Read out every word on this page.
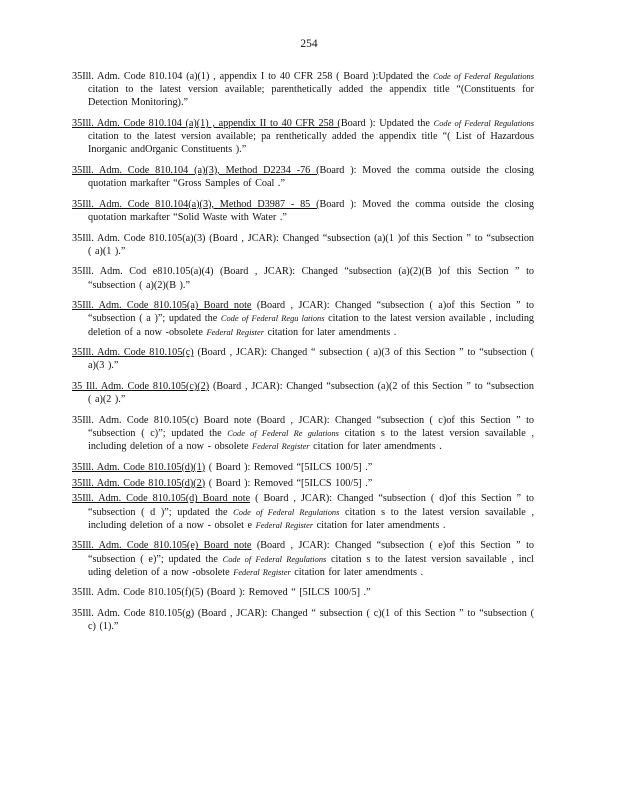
254

35Ill. Adm. Code 810.104 (a)(1) , appendix I to 40 CFR 258 ( Board ):Updated the Code of Federal Regulations citation to the latest version available; parenthetically added the appendix title “(Constituents for Detection Monitoring).”

35Ill. Adm. Code 810.104 (a)(1) , appendix II to 40 CFR 258 (Board ): Updated the Code of Federal Regulations citation to the latest version available; pa renthetically added the appendix title “( List of Hazardous Inorganic andOrganic Constituents ).”

35Ill. Adm. Code 810.104 (a)(3), Method D2234 -76 (Board ): Moved the comma outside the closing quotation markafter “Gross Samples of Coal .”

35Ill. Adm. Code 810.104(a)(3), Method D3987 - 85 (Board ): Moved the comma outside the closing quotation markafter “Solid Waste with Water .”

35Ill. Adm. Code 810.105(a)(3) (Board , JCAR): Changed “subsection (a)(1 )of this Section ” to “subsection ( a)(1 ).”

35Ill. Adm. Cod e810.105(a)(4) (Board , JCAR): Changed “subsection (a)(2)(B )of this Section ” to “subsection ( a)(2)(B ).”

35Ill. Adm. Code 810.105(a) Board note (Board , JCAR): Changed “subsection ( a)of this Section ” to “subsection ( a )”; updated the Code of Federal Regu lations citation to the latest version available , including deletion of a now -obsolete Federal Register citation for later amendments .

35Ill. Adm. Code 810.105(c) (Board , JCAR): Changed “ subsection ( a)(3 of this Section ” to “subsection ( a)(3 ).”

35 Ill. Adm. Code 810.105(c)(2) (Board , JCAR): Changed “subsection (a)(2 of this Section ” to “subsection ( a)(2 ).”

35Ill. Adm. Code 810.105(c) Board note (Board , JCAR): Changed “subsection ( c)of this Section ” to “subsection ( c)”; updated the Code of Federal Re gulations citation s to the latest version savailable , including deletion of a now - obsolete Federal Register citation for later amendments .

35Ill. Adm. Code 810.105(d)(1) ( Board ): Removed “[5ILCS 100/5] .”

35Ill. Adm. Code 810.105(d)(2) ( Board ): Removed “[5ILCS 100/5] .”

35Ill. Adm. Code 810.105(d) Board note ( Board , JCAR): Changed “subsection ( d)of this Section ” to “subsection ( d )”; updated the Code of Federal Regulations citation s to the latest version savailable , including deletion of a now - obsolet e Federal Register citation for later amendments .

35Ill. Adm. Code 810.105(e) Board note (Board , JCAR): Changed “subsection ( e)of this Section ” to “subsection ( e)”; updated the Code of Federal Regulations citation s to the latest version savailable , incl uding deletion of a now -obsolete Federal Register citation for later amendments .

35Ill. Adm. Code 810.105(f)(5) (Board ): Removed “ [5ILCS 100/5] .”

35Ill. Adm. Code 810.105(g) (Board , JCAR): Changed “ subsection ( c)(1 of this Section ” to “subsection ( c) (1).”
